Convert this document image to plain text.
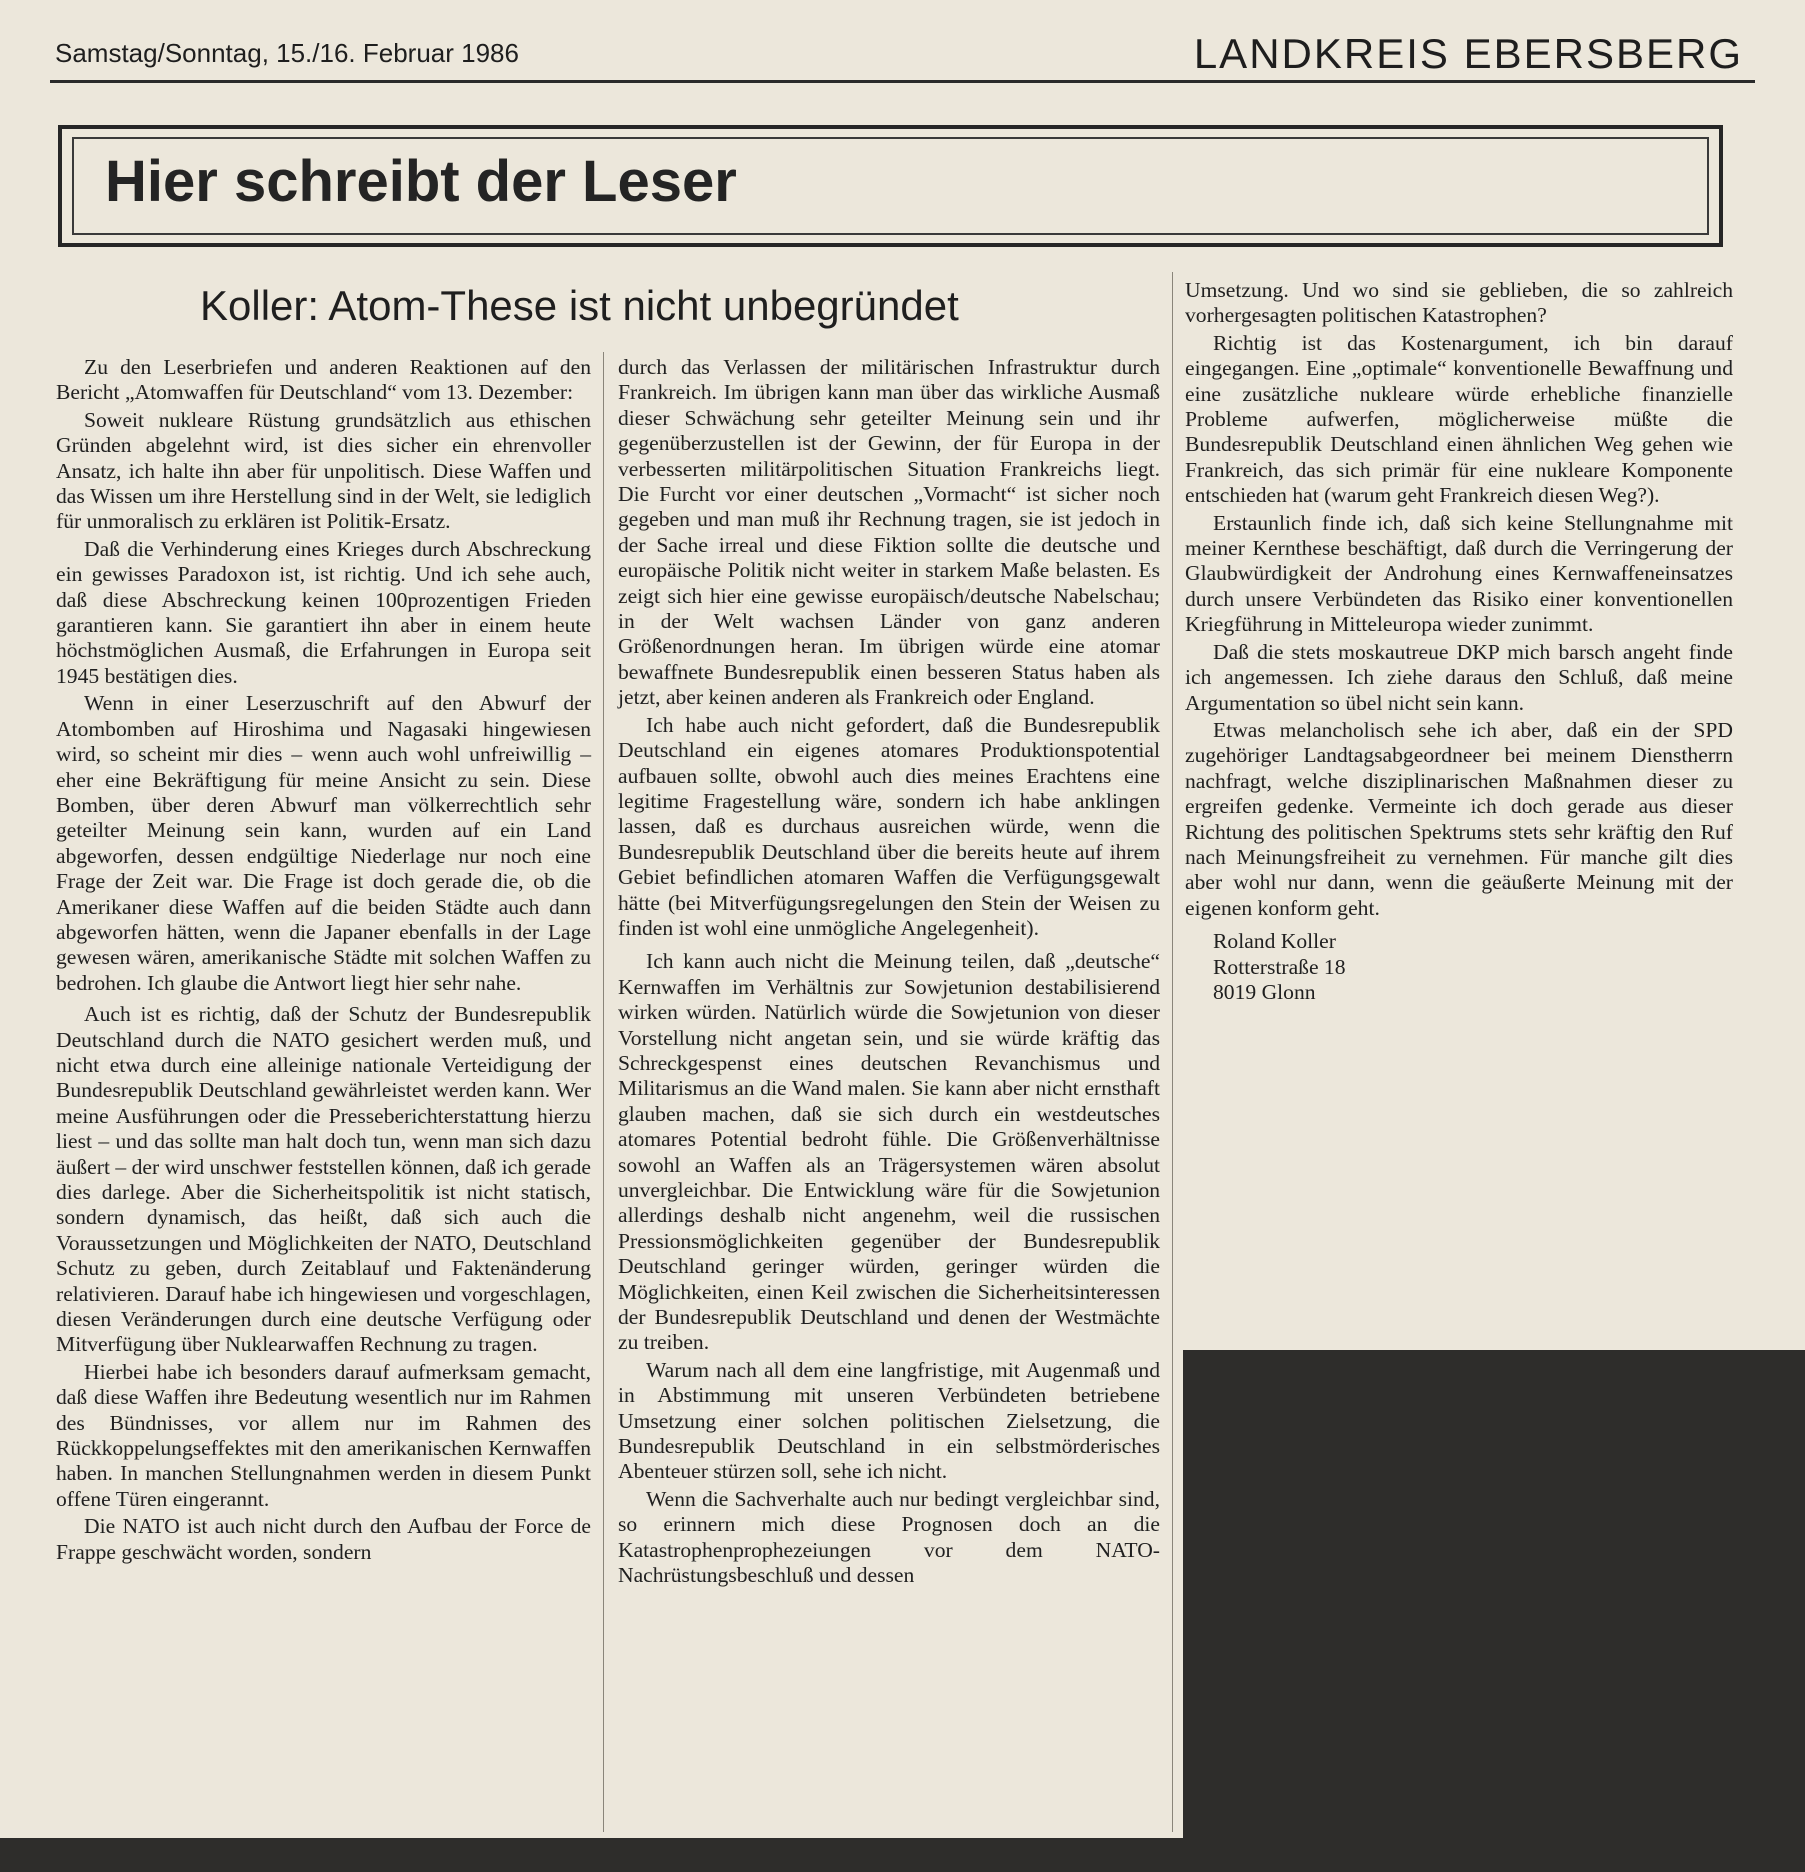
Samstag/Sonntag, 15./16. Februar 1986	LANDKREIS EBERSBERG
Hier schreibt der Leser
Koller: Atom-These ist nicht unbegründet

Zu den Leserbriefen und anderen Reaktionen auf den Bericht „Atomwaffen für Deutschland“ vom 13. Dezember:

Soweit nukleare Rüstung grundsätzlich aus ethischen Gründen abgelehnt wird, ist dies sicher ein ehrenvoller Ansatz, ich halte ihn aber für unpolitisch. Diese Waffen und das Wissen um ihre Herstellung sind in der Welt, sie lediglich für unmoralisch zu erklären ist Politik-Ersatz.

Daß die Verhinderung eines Krieges durch Abschreckung ein gewisses Paradoxon ist, ist richtig. Und ich sehe auch, daß diese Abschreckung keinen 100prozentigen Frieden garantieren kann. Sie garantiert ihn aber in einem heute höchstmöglichen Ausmaß, die Erfahrungen in Europa seit 1945 bestätigen dies.

Wenn in einer Leserzuschrift auf den Abwurf der Atombomben auf Hiroshima und Nagasaki hingewiesen wird, so scheint mir dies – wenn auch wohl unfreiwillig – eher eine Bekräftigung für meine Ansicht zu sein. Diese Bomben, über deren Abwurf man völkerrechtlich sehr geteilter Meinung sein kann, wurden auf ein Land abgeworfen, dessen endgültige Niederlage nur noch eine Frage der Zeit war. Die Frage ist doch gerade die, ob die Amerikaner diese Waffen auf die beiden Städte auch dann abgeworfen hätten, wenn die Japaner ebenfalls in der Lage gewesen wären, amerikanische Städte mit solchen Waffen zu bedrohen. Ich glaube die Antwort liegt hier sehr nahe.

Auch ist es richtig, daß der Schutz der Bundesrepublik Deutschland durch die NATO gesichert werden muß, und nicht etwa durch eine alleinige nationale Verteidigung der Bundesrepublik Deutschland gewährleistet werden kann. Wer meine Ausführungen oder die Presseberichterstattung hierzu liest – und das sollte man halt doch tun, wenn man sich dazu äußert – der wird unschwer feststellen können, daß ich gerade dies darlege. Aber die Sicherheitspolitik ist nicht statisch, sondern dynamisch, das heißt, daß sich auch die Voraussetzungen und Möglichkeiten der NATO, Deutschland Schutz zu geben, durch Zeitablauf und Faktenänderung relativieren. Darauf habe ich hingewiesen und vorgeschlagen, diesen Veränderungen durch eine deutsche Verfügung oder Mitverfügung über Nuklearwaffen Rechnung zu tragen.

Hierbei habe ich besonders darauf aufmerksam gemacht, daß diese Waffen ihre Bedeutung wesentlich nur im Rahmen des Bündnisses, vor allem nur im Rahmen des Rückkoppelungseffektes mit den amerikanischen Kernwaffen haben. In manchen Stellungnahmen werden in diesem Punkt offene Türen eingerannt.

Die NATO ist auch nicht durch den Aufbau der Force de Frappe geschwächt worden, sondern

durch das Verlassen der militärischen Infrastruktur durch Frankreich. Im übrigen kann man über das wirkliche Ausmaß dieser Schwächung sehr geteilter Meinung sein und ihr gegenüberzustellen ist der Gewinn, der für Europa in der verbesserten militärpolitischen Situation Frankreichs liegt. Die Furcht vor einer deutschen „Vormacht“ ist sicher noch gegeben und man muß ihr Rechnung tragen, sie ist jedoch in der Sache irreal und diese Fiktion sollte die deutsche und europäische Politik nicht weiter in starkem Maße belasten. Es zeigt sich hier eine gewisse europäisch/deutsche Nabelschau; in der Welt wachsen Länder von ganz anderen Größenordnungen heran. Im übrigen würde eine atomar bewaffnete Bundesrepublik einen besseren Status haben als jetzt, aber keinen anderen als Frankreich oder England.

Ich habe auch nicht gefordert, daß die Bundesrepublik Deutschland ein eigenes atomares Produktionspotential aufbauen sollte, obwohl auch dies meines Erachtens eine legitime Fragestellung wäre, sondern ich habe anklingen lassen, daß es durchaus ausreichen würde, wenn die Bundesrepublik Deutschland über die bereits heute auf ihrem Gebiet befindlichen atomaren Waffen die Verfügungsgewalt hätte (bei Mitverfügungsregelungen den Stein der Weisen zu finden ist wohl eine unmögliche Angelegenheit).

Ich kann auch nicht die Meinung teilen, daß „deutsche“ Kernwaffen im Verhältnis zur Sowjetunion destabilisierend wirken würden. Natürlich würde die Sowjetunion von dieser Vorstellung nicht angetan sein, und sie würde kräftig das Schreckgespenst eines deutschen Revanchismus und Militarismus an die Wand malen. Sie kann aber nicht ernsthaft glauben machen, daß sie sich durch ein westdeutsches atomares Potential bedroht fühle. Die Größenverhältnisse sowohl an Waffen als an Trägersystemen wären absolut unvergleichbar. Die Entwicklung wäre für die Sowjetunion allerdings deshalb nicht angenehm, weil die russischen Pressionsmöglichkeiten gegenüber der Bundesrepublik Deutschland geringer würden, geringer würden die Möglichkeiten, einen Keil zwischen die Sicherheitsinteressen der Bundesrepublik Deutschland und denen der Westmächte zu treiben.

Warum nach all dem eine langfristige, mit Augenmaß und in Abstimmung mit unseren Verbündeten betriebene Umsetzung einer solchen politischen Zielsetzung, die Bundesrepublik Deutschland in ein selbstmörderisches Abenteuer stürzen soll, sehe ich nicht.

Wenn die Sachverhalte auch nur bedingt vergleichbar sind, so erinnern mich diese Prognosen doch an die Katastrophenprophezeiungen vor dem NATO-Nachrüstungsbeschluß und dessen

Umsetzung. Und wo sind sie geblieben, die so zahlreich vorhergesagten politischen Katastrophen?

Richtig ist das Kostenargument, ich bin darauf eingegangen. Eine „optimale“ konventionelle Bewaffnung und eine zusätzliche nukleare würde erhebliche finanzielle Probleme aufwerfen, möglicherweise müßte die Bundesrepublik Deutschland einen ähnlichen Weg gehen wie Frankreich, das sich primär für eine nukleare Komponente entschieden hat (warum geht Frankreich diesen Weg?).

Erstaunlich finde ich, daß sich keine Stellungnahme mit meiner Kernthese beschäftigt, daß durch die Verringerung der Glaubwürdigkeit der Androhung eines Kernwaffeneinsatzes durch unsere Verbündeten das Risiko einer konventionellen Kriegführung in Mitteleuropa wieder zunimmt.

Daß die stets moskautreue DKP mich barsch angeht finde ich angemessen. Ich ziehe daraus den Schluß, daß meine Argumentation so übel nicht sein kann.

Etwas melancholisch sehe ich aber, daß ein der SPD zugehöriger Landtagsabgeordneer bei meinem Dienstherrn nachfragt, welche disziplinarischen Maßnahmen dieser zu ergreifen gedenke. Vermeinte ich doch gerade aus dieser Richtung des politischen Spektrums stets sehr kräftig den Ruf nach Meinungsfreiheit zu vernehmen. Für manche gilt dies aber wohl nur dann, wenn die geäußerte Meinung mit der eigenen konform geht.

Roland Koller

Rotterstraße 18

8019 Glonn
